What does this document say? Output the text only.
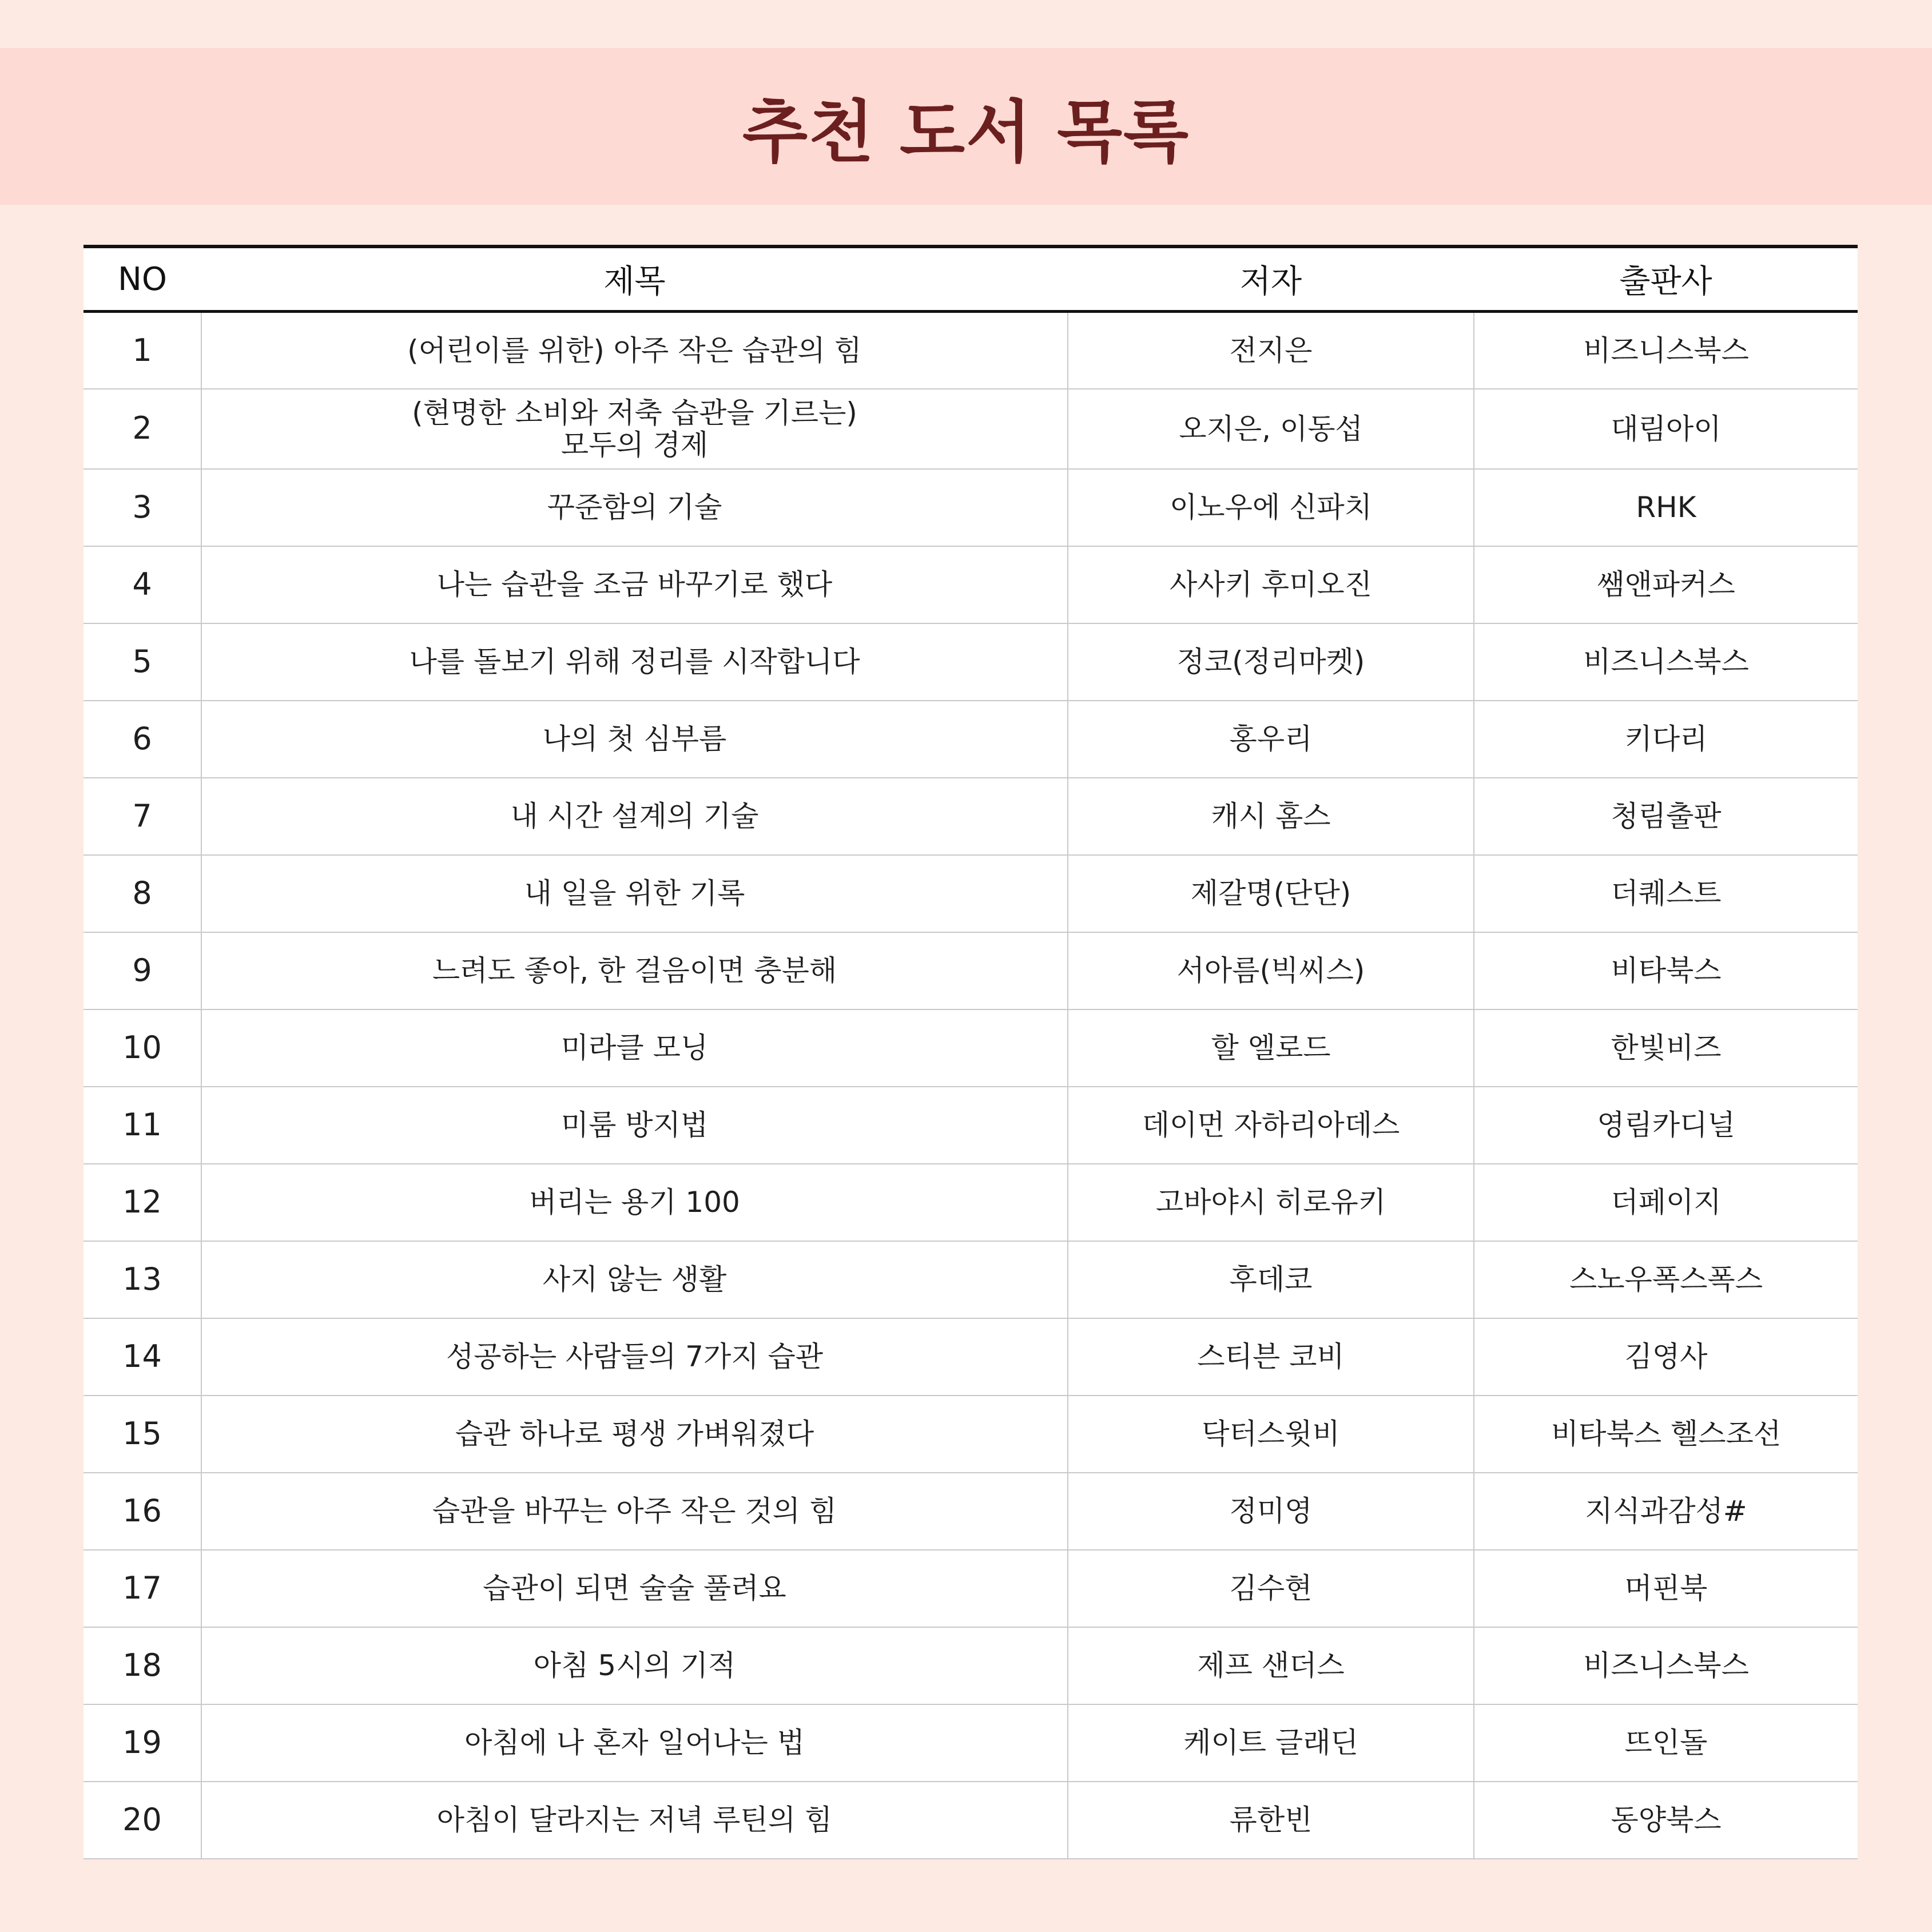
추천 도서 목록
NO	제목	저자	출판사
1	(어린이를 위한) 아주 작은 습관의 힘	전지은	비즈니스북스
2	(현명한 소비와 저축 습관을 기르는)
모두의 경제	오지은, 이동섭	대림아이
3	꾸준함의 기술	이노우에 신파치	RHK
4	나는 습관을 조금 바꾸기로 했다	사사키 후미오진	쌤앤파커스
5	나를 돌보기 위해 정리를 시작합니다	정코(정리마켓)	비즈니스북스
6	나의 첫 심부름	홍우리	키다리
7	내 시간 설계의 기술	캐시 홈스	청림출판
8	내 일을 위한 기록	제갈명(단단)	더퀘스트
9	느려도 좋아, 한 걸음이면 충분해	서아름(빅씨스)	비타북스
10	미라클 모닝	할 엘로드	한빛비즈
11	미룸 방지법	데이먼 자하리아데스	영림카디널
12	버리는 용기 100	고바야시 히로유키	더페이지
13	사지 않는 생활	후데코	스노우폭스폭스
14	성공하는 사람들의 7가지 습관	스티븐 코비	김영사
15	습관 하나로 평생 가벼워졌다	닥터스윗비	비타북스 헬스조선
16	습관을 바꾸는 아주 작은 것의 힘	정미영	지식과감성#
17	습관이 되면 술술 풀려요	김수현	머핀북
18	아침 5시의 기적	제프 샌더스	비즈니스북스
19	아침에 나 혼자 일어나는 법	케이트 글래딘	뜨인돌
20	아침이 달라지는 저녁 루틴의 힘	류한빈	동양북스
